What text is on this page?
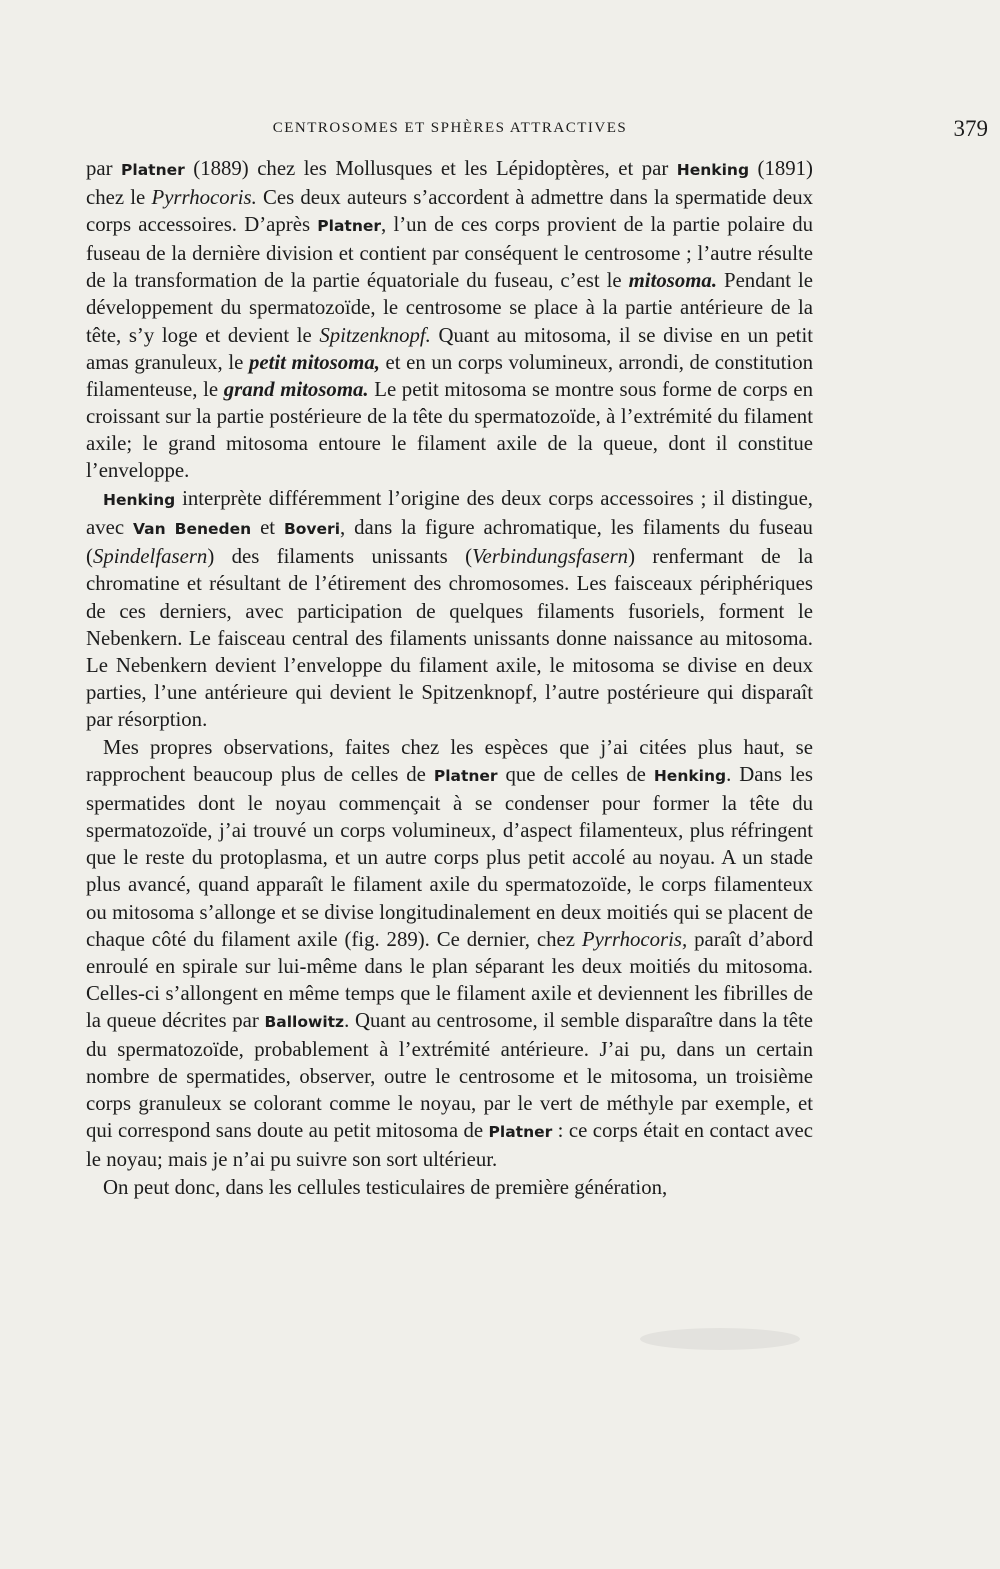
CENTROSOMES ET SPHÈRES ATTRACTIVES	379

par Platner (1889) chez les Mollusques et les Lépidoptères, et par Henking (1891) chez le Pyrrhocoris. Ces deux auteurs s’accordent à admettre dans la spermatide deux corps accessoires. D’après Platner, l’un de ces corps provient de la partie polaire du fuseau de la dernière division et contient par conséquent le centrosome ; l’autre résulte de la transformation de la partie équatoriale du fuseau, c’est le mitosoma. Pendant le développement du spermatozoïde, le centrosome se place à la partie antérieure de la tête, s’y loge et devient le Spitzenknopf. Quant au mitosoma, il se divise en un petit amas granuleux, le petit mitosoma, et en un corps volumineux, arrondi, de constitution filamenteuse, le grand mitosoma. Le petit mitosoma se montre sous forme de corps en croissant sur la partie postérieure de la tête du spermatozoïde, à l’extrémité du filament axile; le grand mitosoma entoure le filament axile de la queue, dont il constitue l’enveloppe.

Henking interprète différemment l’origine des deux corps accessoires ; il distingue, avec Van Beneden et Boveri, dans la figure achromatique, les filaments du fuseau (Spindelfasern) des filaments unissants (Verbindungsfasern) renfermant de la chromatine et résultant de l’étirement des chromosomes. Les faisceaux périphériques de ces derniers, avec participation de quelques filaments fusoriels, forment le Nebenkern. Le faisceau central des filaments unissants donne naissance au mitosoma. Le Nebenkern devient l’enveloppe du filament axile, le mitosoma se divise en deux parties, l’une antérieure qui devient le Spitzenknopf, l’autre postérieure qui disparaît par résorption.

Mes propres observations, faites chez les espèces que j’ai citées plus haut, se rapprochent beaucoup plus de celles de Platner que de celles de Henking. Dans les spermatides dont le noyau commençait à se condenser pour former la tête du spermatozoïde, j’ai trouvé un corps volumineux, d’aspect filamenteux, plus réfringent que le reste du protoplasma, et un autre corps plus petit accolé au noyau. A un stade plus avancé, quand apparaît le filament axile du spermatozoïde, le corps filamenteux ou mitosoma s’allonge et se divise longitudinalement en deux moitiés qui se placent de chaque côté du filament axile (fig. 289). Ce dernier, chez Pyrrhocoris, paraît d’abord enroulé en spirale sur lui-même dans le plan séparant les deux moitiés du mitosoma. Celles-ci s’allongent en même temps que le filament axile et deviennent les fibrilles de la queue décrites par Ballowitz. Quant au centrosome, il semble disparaître dans la tête du spermatozoïde, probablement à l’extrémité antérieure. J’ai pu, dans un certain nombre de spermatides, observer, outre le centrosome et le mitosoma, un troisième corps granuleux se colorant comme le noyau, par le vert de méthyle par exemple, et qui correspond sans doute au petit mitosoma de Platner : ce corps était en contact avec le noyau; mais je n’ai pu suivre son sort ultérieur.

On peut donc, dans les cellules testiculaires de première génération,
